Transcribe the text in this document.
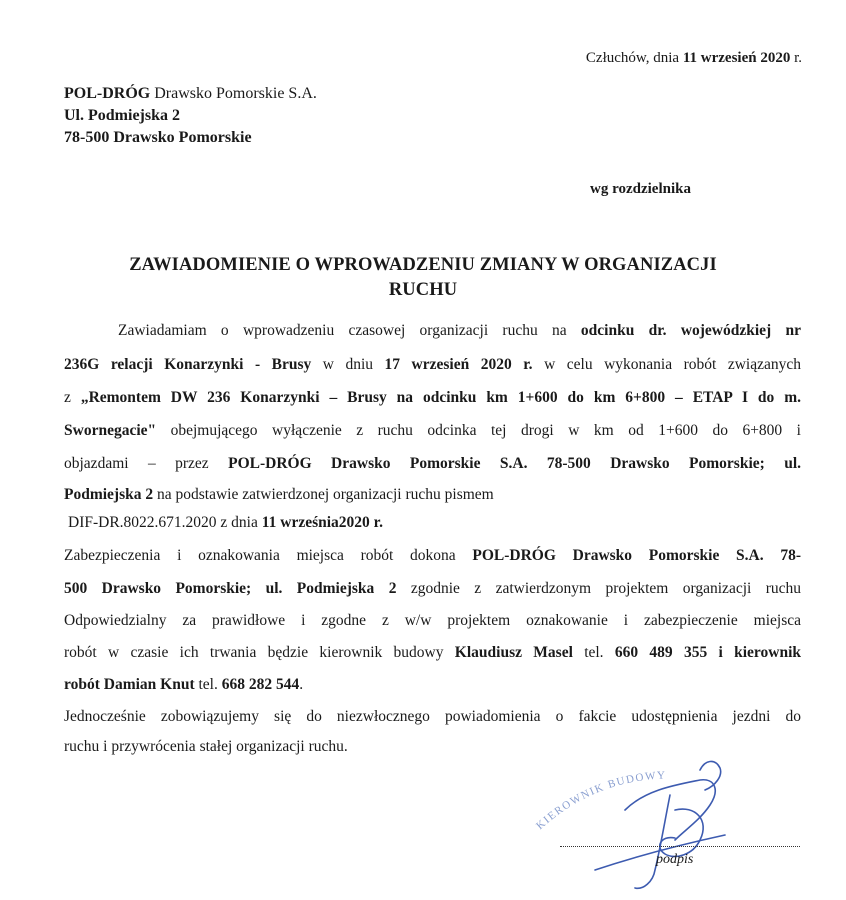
Człuchów, dnia 11 wrzesień 2020 r.
POL-DRÓG Drawsko Pomorskie S.A.
Ul. Podmiejska 2
78-500 Drawsko Pomorskie
wg rozdzielnika
ZAWIADOMIENIE O WPROWADZENIU ZMIANY W ORGANIZACJI
RUCHU
Zawiadamiam o wprowadzeniu czasowej organizacji ruchu na odcinku dr. wojewódzkiej nr
236G relacji Konarzynki - Brusy w dniu 17 wrzesień 2020 r. w celu wykonania robót związanych
z „Remontem DW 236 Konarzynki – Brusy na odcinku km 1+600 do km 6+800 – ETAP I do m.
Swornegacie" obejmującego wyłączenie z ruchu odcinka tej drogi w km od 1+600 do 6+800 i
objazdami – przez POL-DRÓG Drawsko Pomorskie S.A. 78-500 Drawsko Pomorskie; ul.
Podmiejska 2 na podstawie zatwierdzonej organizacji ruchu pismem
DIF-DR.8022.671.2020 z dnia 11 września2020 r.
Zabezpieczenia i oznakowania miejsca robót dokona POL-DRÓG Drawsko Pomorskie S.A. 78-
500 Drawsko Pomorskie; ul. Podmiejska 2 zgodnie z zatwierdzonym projektem organizacji ruchu
Odpowiedzialny za prawidłowe i zgodne z w/w projektem oznakowanie i zabezpieczenie miejsca
robót w czasie ich trwania będzie kierownik budowy Klaudiusz Masel tel. 660 489 355 i kierownik
robót Damian Knut tel. 668 282 544.
Jednocześnie zobowiązujemy się do niezwłocznego powiadomienia o fakcie udostępnienia jezdni do
ruchu i przywrócenia stałej organizacji ruchu.
KIEROWNIK BUDOWY
podpis
